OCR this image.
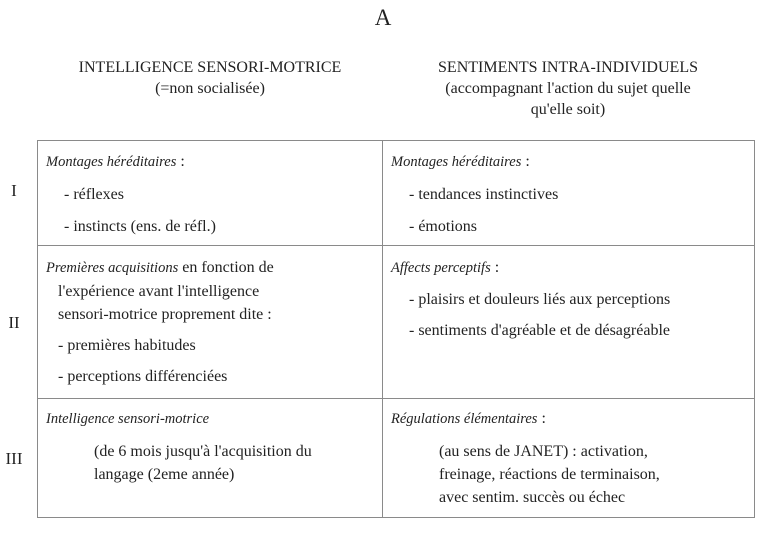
A
INTELLIGENCE SENSORI-MOTRICE
(=non socialisée)
SENTIMENTS INTRA-INDIVIDUELS
(accompagnant l'action du sujet quelle
qu'elle soit)
I
II
III
Montages héréditaires :
- réflexes
- instincts (ens. de réfl.)
Montages héréditaires :
- tendances instinctives
- émotions
Premières acquisitions en fonction de
l'expérience avant l'intelligence
sensori-motrice proprement dite :
- premières habitudes
- perceptions différenciées
Affects perceptifs :
- plaisirs et douleurs liés aux perceptions
- sentiments d'agréable et de désagréable
Intelligence sensori-motrice
(de 6 mois jusqu'à l'acquisition du
langage (2eme année)
Régulations élémentaires :
(au sens de JANET) : activation,
freinage, réactions de terminaison,
avec sentim. succès ou échec
